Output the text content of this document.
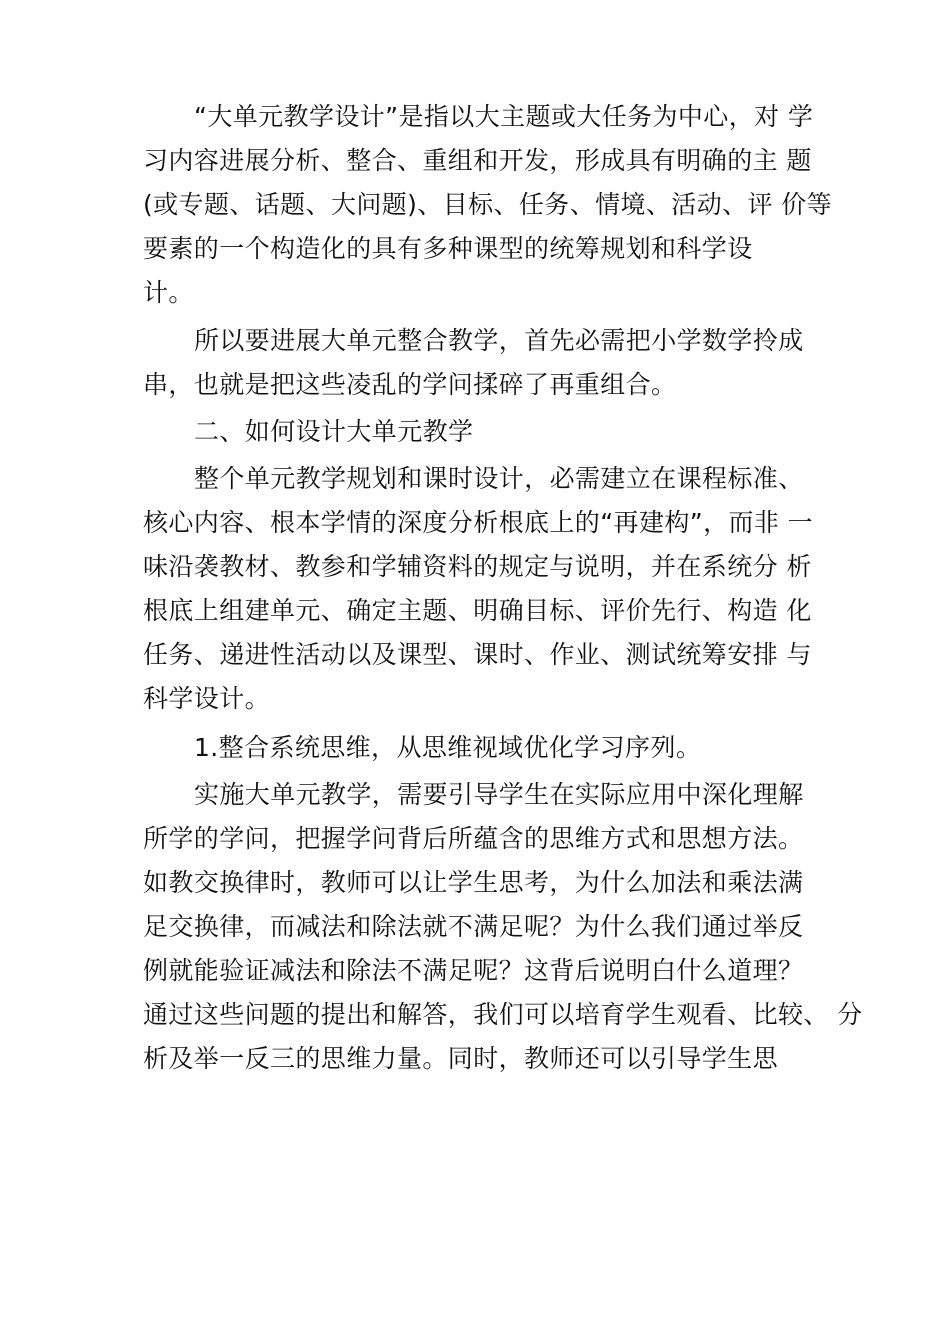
“大单元教学设计”是指以大主题或大任务为中心，对 学
习内容进展分析、整合、重组和开发，形成具有明确的主 题
(或专题、话题、大问题)、目标、任务、情境、活动、评 价等
要素的一个构造化的具有多种课型的统筹规划和科学设
计。
所以要进展大单元整合教学，首先必需把小学数学拎成
串，也就是把这些凌乱的学问揉碎了再重组合。
二、如何设计大单元教学
整个单元教学规划和课时设计，必需建立在课程标准、
核心内容、根本学情的深度分析根底上的“再建构”，而非 一
味沿袭教材、教参和学辅资料的规定与说明，并在系统分 析
根底上组建单元、确定主题、明确目标、评价先行、构造 化
任务、递进性活动以及课型、课时、作业、测试统筹安排 与
科学设计。
1.整合系统思维，从思维视域优化学习序列。
实施大单元教学，需要引导学生在实际应用中深化理解
所学的学问，把握学问背后所蕴含的思维方式和思想方法。
如教交换律时，教师可以让学生思考，为什么加法和乘法满
足交换律，而减法和除法就不满足呢？为什么我们通过举反
例就能验证减法和除法不满足呢？这背后说明白什么道理？
通过这些问题的提出和解答，我们可以培育学生观看、比较、 分
析及举一反三的思维力量。同时，教师还可以引导学生思
